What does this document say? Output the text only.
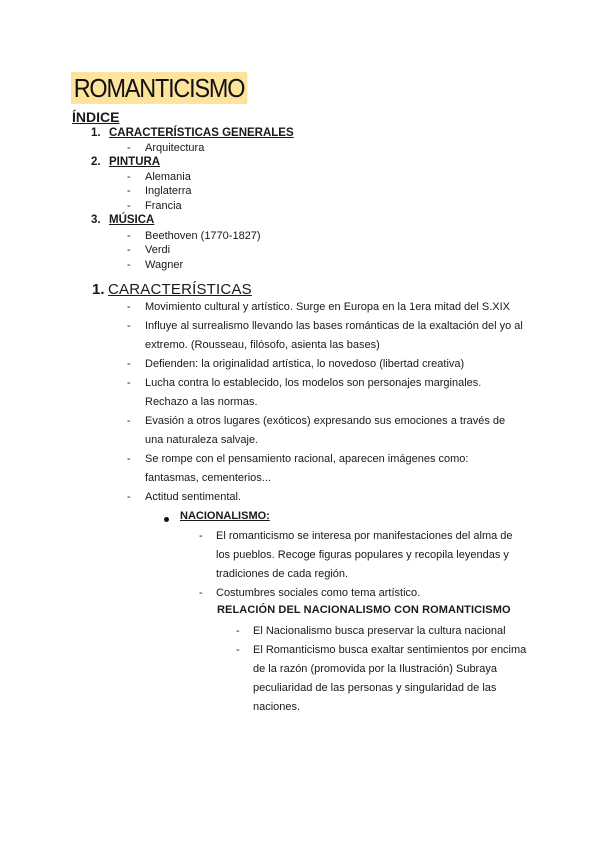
ROMANTICISMO
ÍNDICE
1. CARACTERÍSTICAS GENERALES
- Arquitectura
2. PINTURA
- Alemania
- Inglaterra
- Francia
3. MÚSICA
- Beethoven (1770-1827)
- Verdi
- Wagner
1. CARACTERÍSTICAS
- Movimiento cultural y artístico. Surge en Europa en la 1era mitad del S.XIX
- Influye al surrealismo llevando las bases románticas de la exaltación del yo al extremo. (Rousseau, filósofo, asienta las bases)
- Defienden: la originalidad artística, lo novedoso (libertad creativa)
- Lucha contra lo establecido, los modelos son personajes marginales. Rechazo a las normas.
- Evasión a otros lugares (exóticos) expresando sus emociones a través de una naturaleza salvaje.
- Se rompe con el pensamiento racional, aparecen imágenes como: fantasmas, cementerios...
- Actitud sentimental.
NACIONALISMO:
- El romanticismo se interesa por manifestaciones del alma de los pueblos. Recoge figuras populares y recopila leyendas y tradiciones de cada región.
- Costumbres sociales como tema artístico.
RELACIÓN DEL NACIONALISMO CON ROMANTICISMO
- El Nacionalismo busca preservar la cultura nacional
- El Romanticismo busca exaltar sentimientos por encima de la razón (promovida por la Ilustración) Subraya peculiaridad de las personas y singularidad de las naciones.
